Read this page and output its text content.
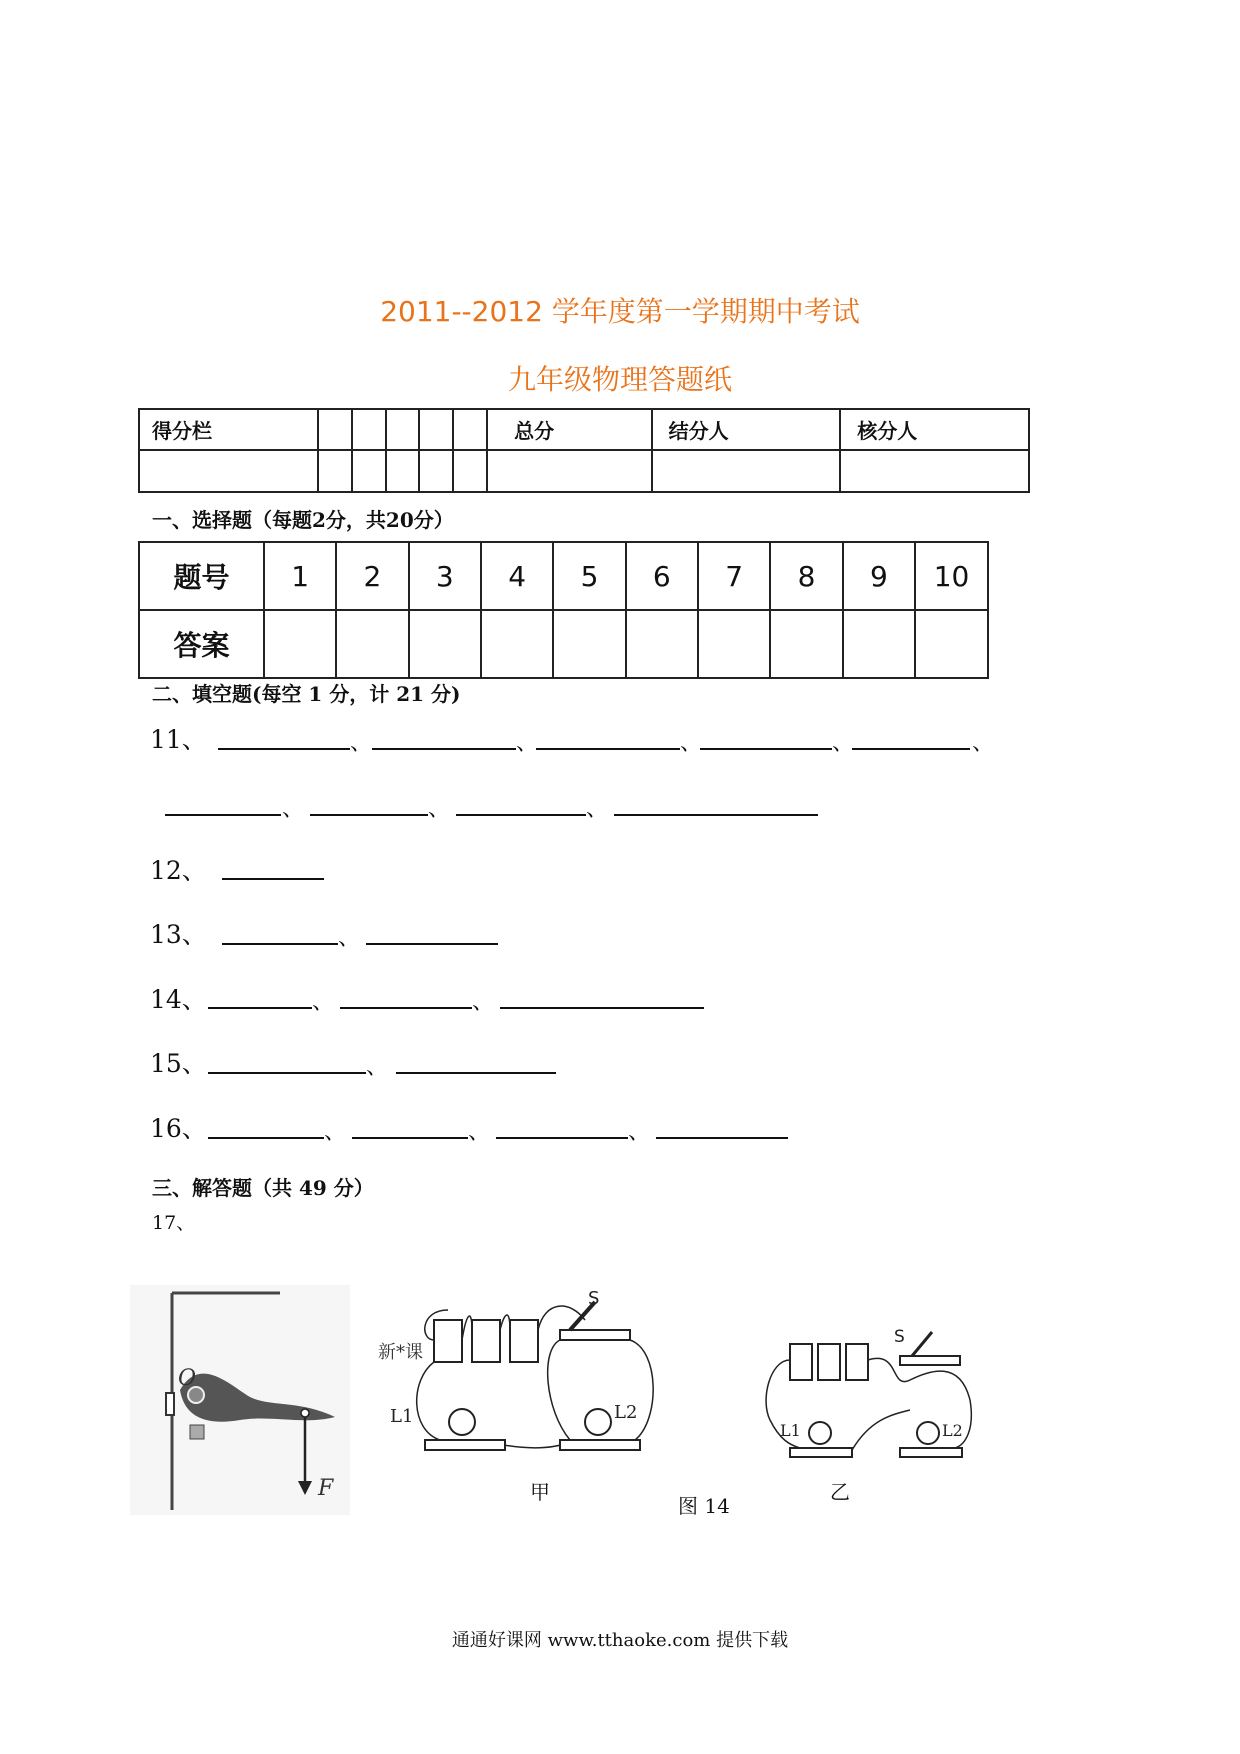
2011--2012 学年度第一学期期中考试
九年级物理答题纸
得分栏						总分	结分人	核分人

一、选择题（每题2分，共20分）
题号	1	2	3	4	5	6	7	8	9	10
答案										
二、填空题(每空 1 分，计 21 分)
11、	、	、	、	、	、
、	、	、
12、
13、	、
14、	、	、
15、	、
16、	、	、	、
三、解答题（共 49 分）
17、
O
F
新*课
S
L1	L2
S
L1	L2
甲
图 14
乙
通通好课网 www.tthaoke.com 提供下载
